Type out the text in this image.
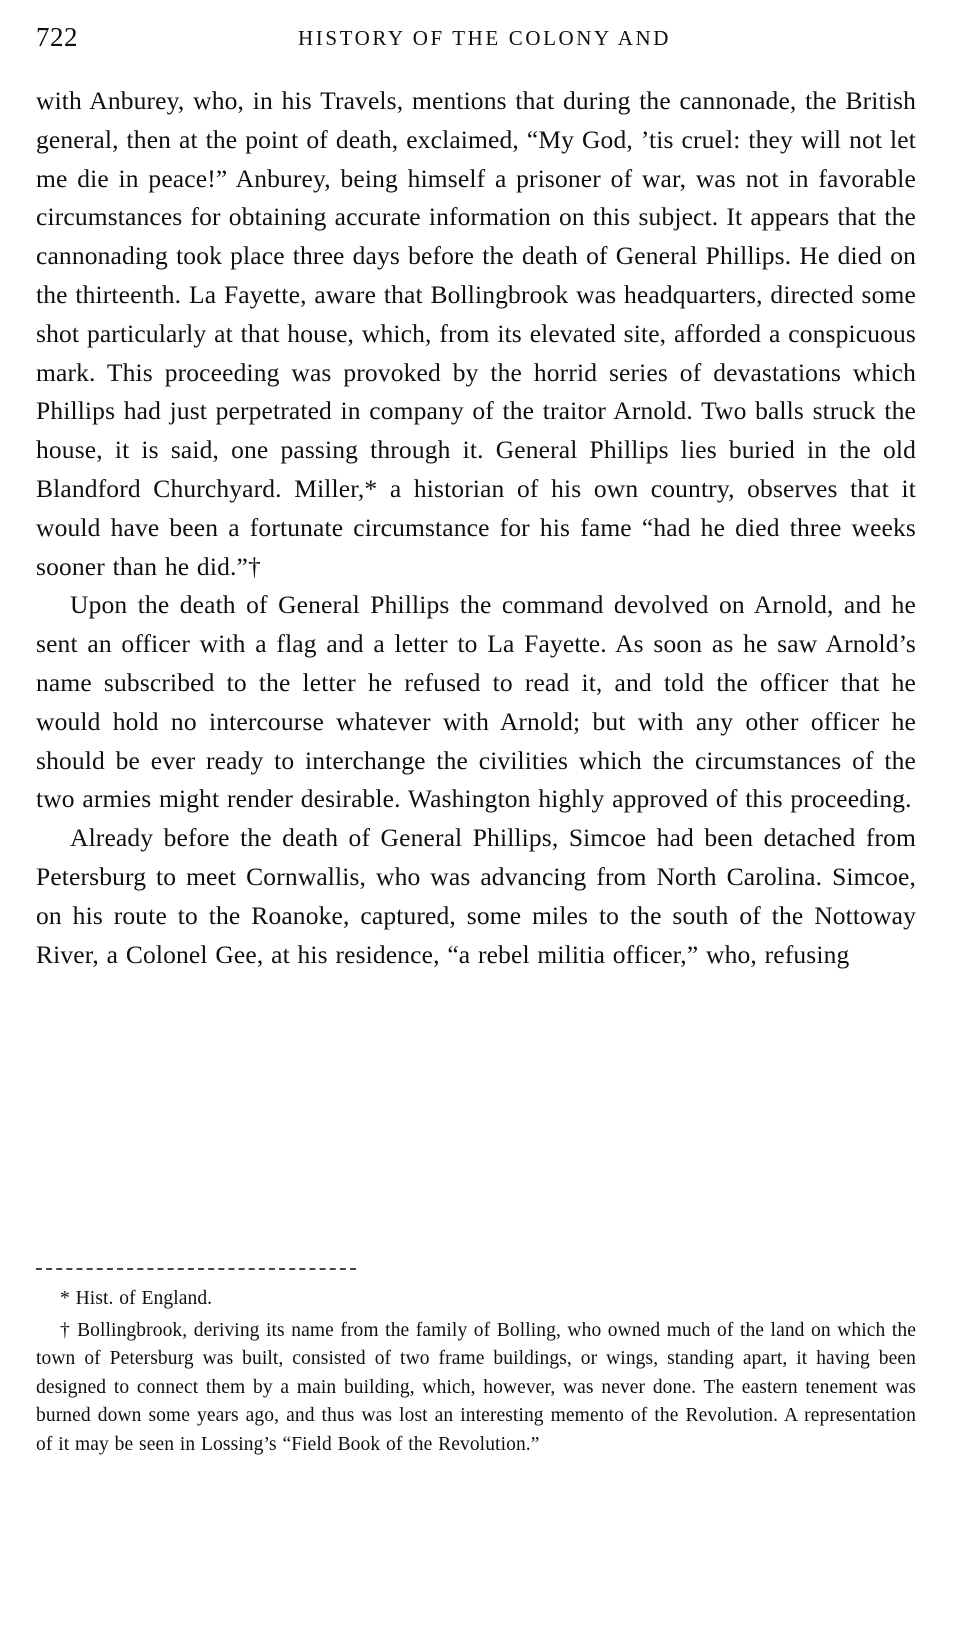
722	HISTORY OF THE COLONY AND

with Anburey, who, in his Travels, mentions that during the cannonade, the British general, then at the point of death, exclaimed, “My God, ’tis cruel: they will not let me die in peace!” Anburey, being himself a prisoner of war, was not in favorable circumstances for obtaining accurate information on this subject. It appears that the cannonading took place three days before the death of General Phillips. He died on the thirteenth. La Fayette, aware that Bollingbrook was headquarters, directed some shot particularly at that house, which, from its elevated site, afforded a conspicuous mark. This proceeding was provoked by the horrid series of devastations which Phillips had just perpetrated in company of the traitor Arnold. Two balls struck the house, it is said, one passing through it. General Phillips lies buried in the old Blandford Churchyard. Miller,* a historian of his own country, observes that it would have been a fortunate circumstance for his fame “had he died three weeks sooner than he did.”†

Upon the death of General Phillips the command devolved on Arnold, and he sent an officer with a flag and a letter to La Fayette. As soon as he saw Arnold’s name subscribed to the letter he refused to read it, and told the officer that he would hold no intercourse whatever with Arnold; but with any other officer he should be ever ready to interchange the civilities which the circumstances of the two armies might render desirable. Washington highly approved of this proceeding.

Already before the death of General Phillips, Simcoe had been detached from Petersburg to meet Cornwallis, who was advancing from North Carolina. Simcoe, on his route to the Roanoke, captured, some miles to the south of the Nottoway River, a Colonel Gee, at his residence, “a rebel militia officer,” who, refusing

* Hist. of England.

† Bollingbrook, deriving its name from the family of Bolling, who owned much of the land on which the town of Petersburg was built, consisted of two frame buildings, or wings, standing apart, it having been designed to connect them by a main building, which, however, was never done. The eastern tenement was burned down some years ago, and thus was lost an interesting memento of the Revolution. A representation of it may be seen in Lossing’s “Field Book of the Revolution.”
